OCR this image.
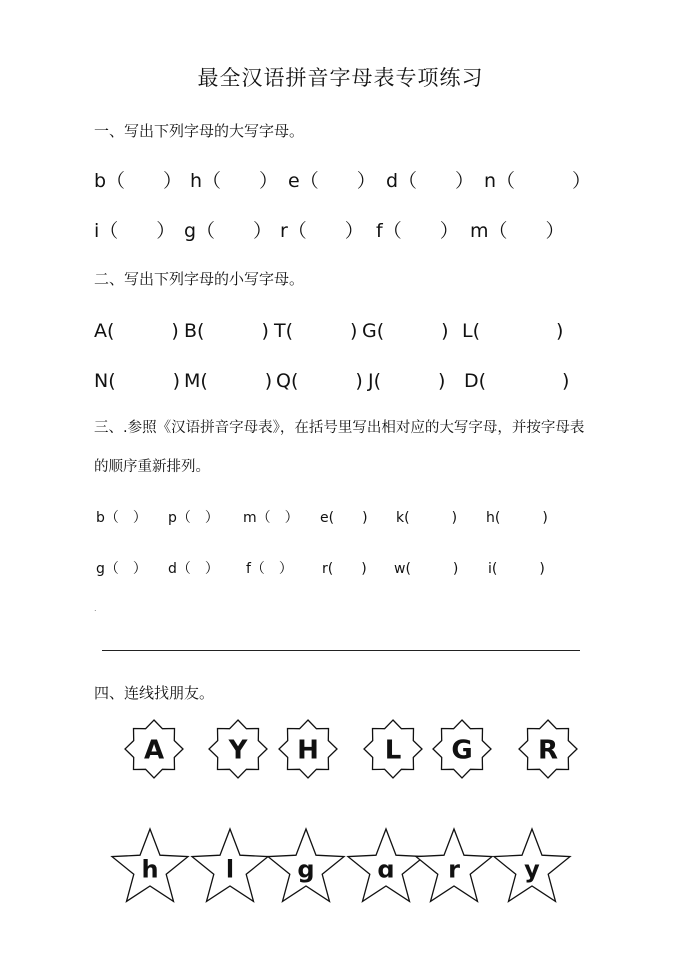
最全汉语拼音字母表专项练习
一、写出下列字母的大写字母。
b（　　） h（　　） e（　　） d（　　） n（　　　）
i（　　） g（　　） r（　　） f（　　） m（　　）
二、写出下列字母的小写字母。
A(　　　) B(　　　) T(　　　) G(　　　) L(　　　　)
N(　　　) M(　　　) Q(　　　) J(　　　) D(　　　　)
三、.参照《汉语拼音字母表》，在括号里写出相对应的大写字母，并按字母表
的顺序重新排列。
b（　） p（　） m（　） e(　　) k(　　　) h(　　　)
g（　） d（　） f（　） r(　　) w(　　　) i(　　　)
.
四、连线找朋友。
A Y H	L G	R
h	l	g	ɑ r	y
